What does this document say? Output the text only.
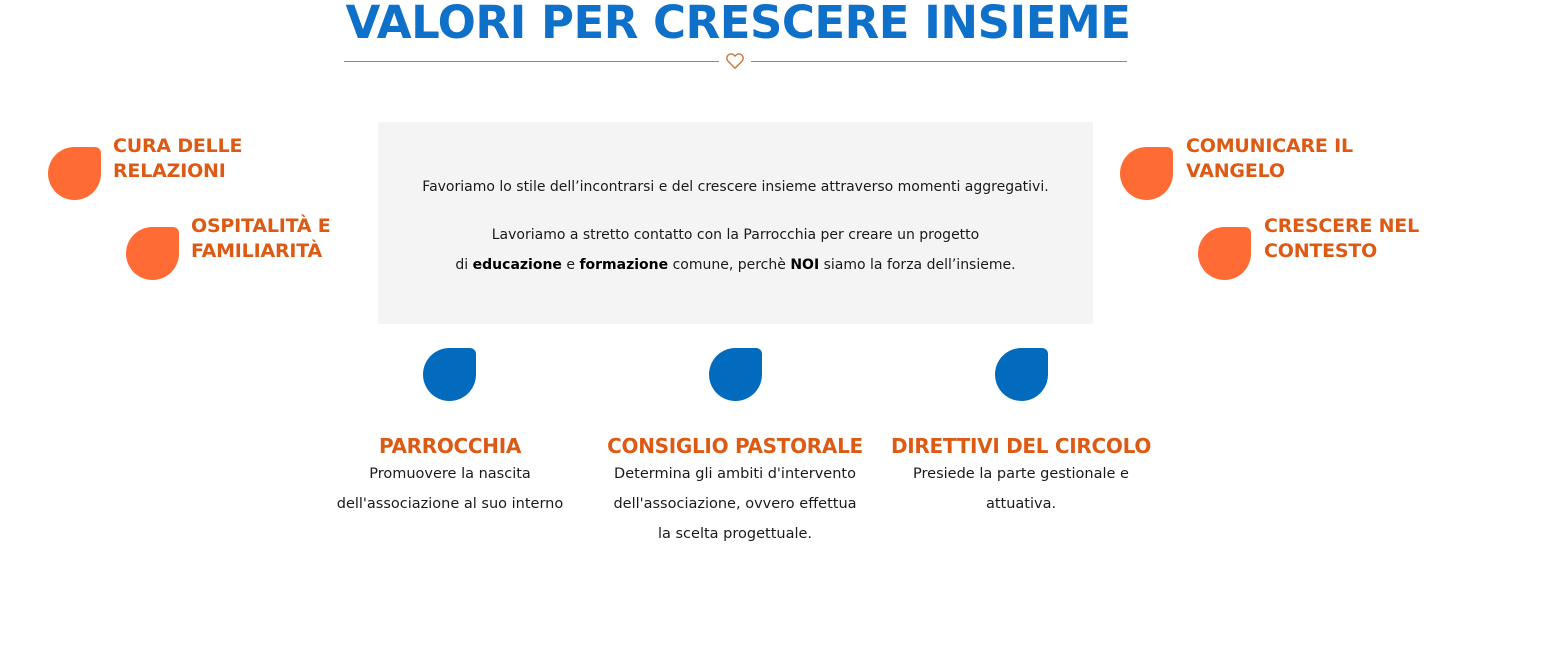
VALORI PER CRESCERE INSIEME
CURA DELLE
RELAZIONI
OSPITALITÀ E
FAMILIARITÀ
COMUNICARE IL
VANGELO
CRESCERE NEL
CONTESTO
Favoriamo lo stile dell’incontrarsi e del crescere insieme attraverso momenti aggregativi.
Lavoriamo a stretto contatto con la Parrocchia per creare un progetto
di educazione e formazione comune, perchè NOI siamo la forza dell’insieme.
PARROCCHIA
Promuovere la nascita
dell'associazione al suo interno
CONSIGLIO PASTORALE
Determina gli ambiti d'intervento
dell'associazione, ovvero effettua
la scelta progettuale.
DIRETTIVI DEL CIRCOLO
Presiede la parte gestionale e
attuativa.
